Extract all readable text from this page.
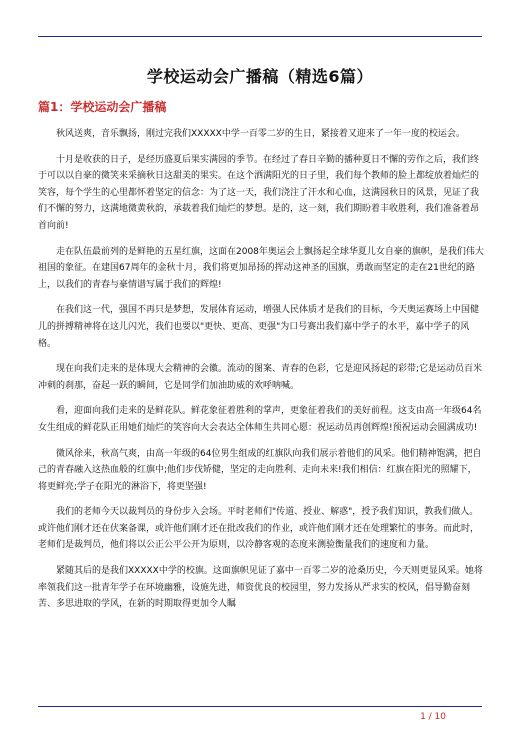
学校运动会广播稿（精选6篇）
篇1：学校运动会广播稿

秋风送爽，音乐飘扬，刚过完我们XXXXX中学一百零二岁的生日，紧接着又迎来了一年一度的校运会。

十月是收获的日子，是经历盛夏后果实满园的季节。在经过了春日辛勤的播种夏日不懈的劳作之后，我们终于可以以自豪的微笑来采摘秋日这甜美的果实。在这个洒满阳光的日子里，我们每个教师的脸上都绽放着灿烂的笑容，每个学生的心里都怀着坚定的信念：为了这一天，我们浇注了汗水和心血，这满园秋日的风景，见证了我们不懈的努力，这满地微黄秋韵，承载着我们灿烂的梦想。是的，这一刻，我们期盼着丰收胜利，我们准备着昂首向前!

走在队伍最前列的是鲜艳的五星红旗，这面在2008年奥运会上飘扬起全球华夏儿女自豪的旗帜，是我们伟大祖国的象征。在建国67周年的金秋十月，我们将更加昂扬的挥动这神圣的国旗，勇敢而坚定的走在21世纪的路上，以我们的青春与豪情谱写属于我们的辉煌!

在我们这一代，强国不再只是梦想，发展体育运动，增强人民体质才是我们的目标，今天奥运赛场上中国健儿的拼搏精神将在这儿闪光，我们也要以"更快、更高、更强"为口号赛出我们嘉中学子的水平，嘉中学子的风格。

现在向我们走来的是体现大会精神的会徽。流动的图案、青春的色彩，它是迎风扬起的彩带;它是运动员百米冲刺的刹那，奋起一跃的瞬间，它是同学们加油助威的欢呼呐喊。

看，迎面向我们走来的是鲜花队。鲜花象征着胜利的掌声，更象征着我们的美好前程。这支由高一年级64名女生组成的鲜花队正用她们灿烂的笑容向大会表达全体师生共同心愿：祝运动员再创辉煌!预祝运动会圆满成功!

微风徐来，秋高气爽，由高一年级的64位男生组成的红旗队向我们展示着他们的风采。他们精神饱满，把自己的青春融入这热血般的红旗中;他们步伐矫健，坚定的走向胜利、走向未来!我们相信：红旗在阳光的照耀下，将更鲜亮;学子在阳光的淋浴下，将更坚强!

我们的老师今天以裁判员的身份步入会场。平时老师们"传道、授业、解惑"，授予我们知识，教我们做人。或许他们刚才还在伏案备课，或许他们刚才还在批改我们的作业，或许他们刚才还在处理繁忙的事务。而此时，老师们是裁判员，他们将以公正公平公开为原则，以冷静客观的态度来测验衡量我们的速度和力量。

紧随其后的是我们XXXXX中学的校旗。这面旗帜见证了嘉中一百零二岁的沧桑历史，今天则更显风采。她将率领我们这一批青年学子在环境幽雅，设施先进，师资优良的校园里，努力发扬从严求实的校风，倡导勤奋刻苦、多思进取的学风，在新的时期取得更加令人瞩

1 / 10
